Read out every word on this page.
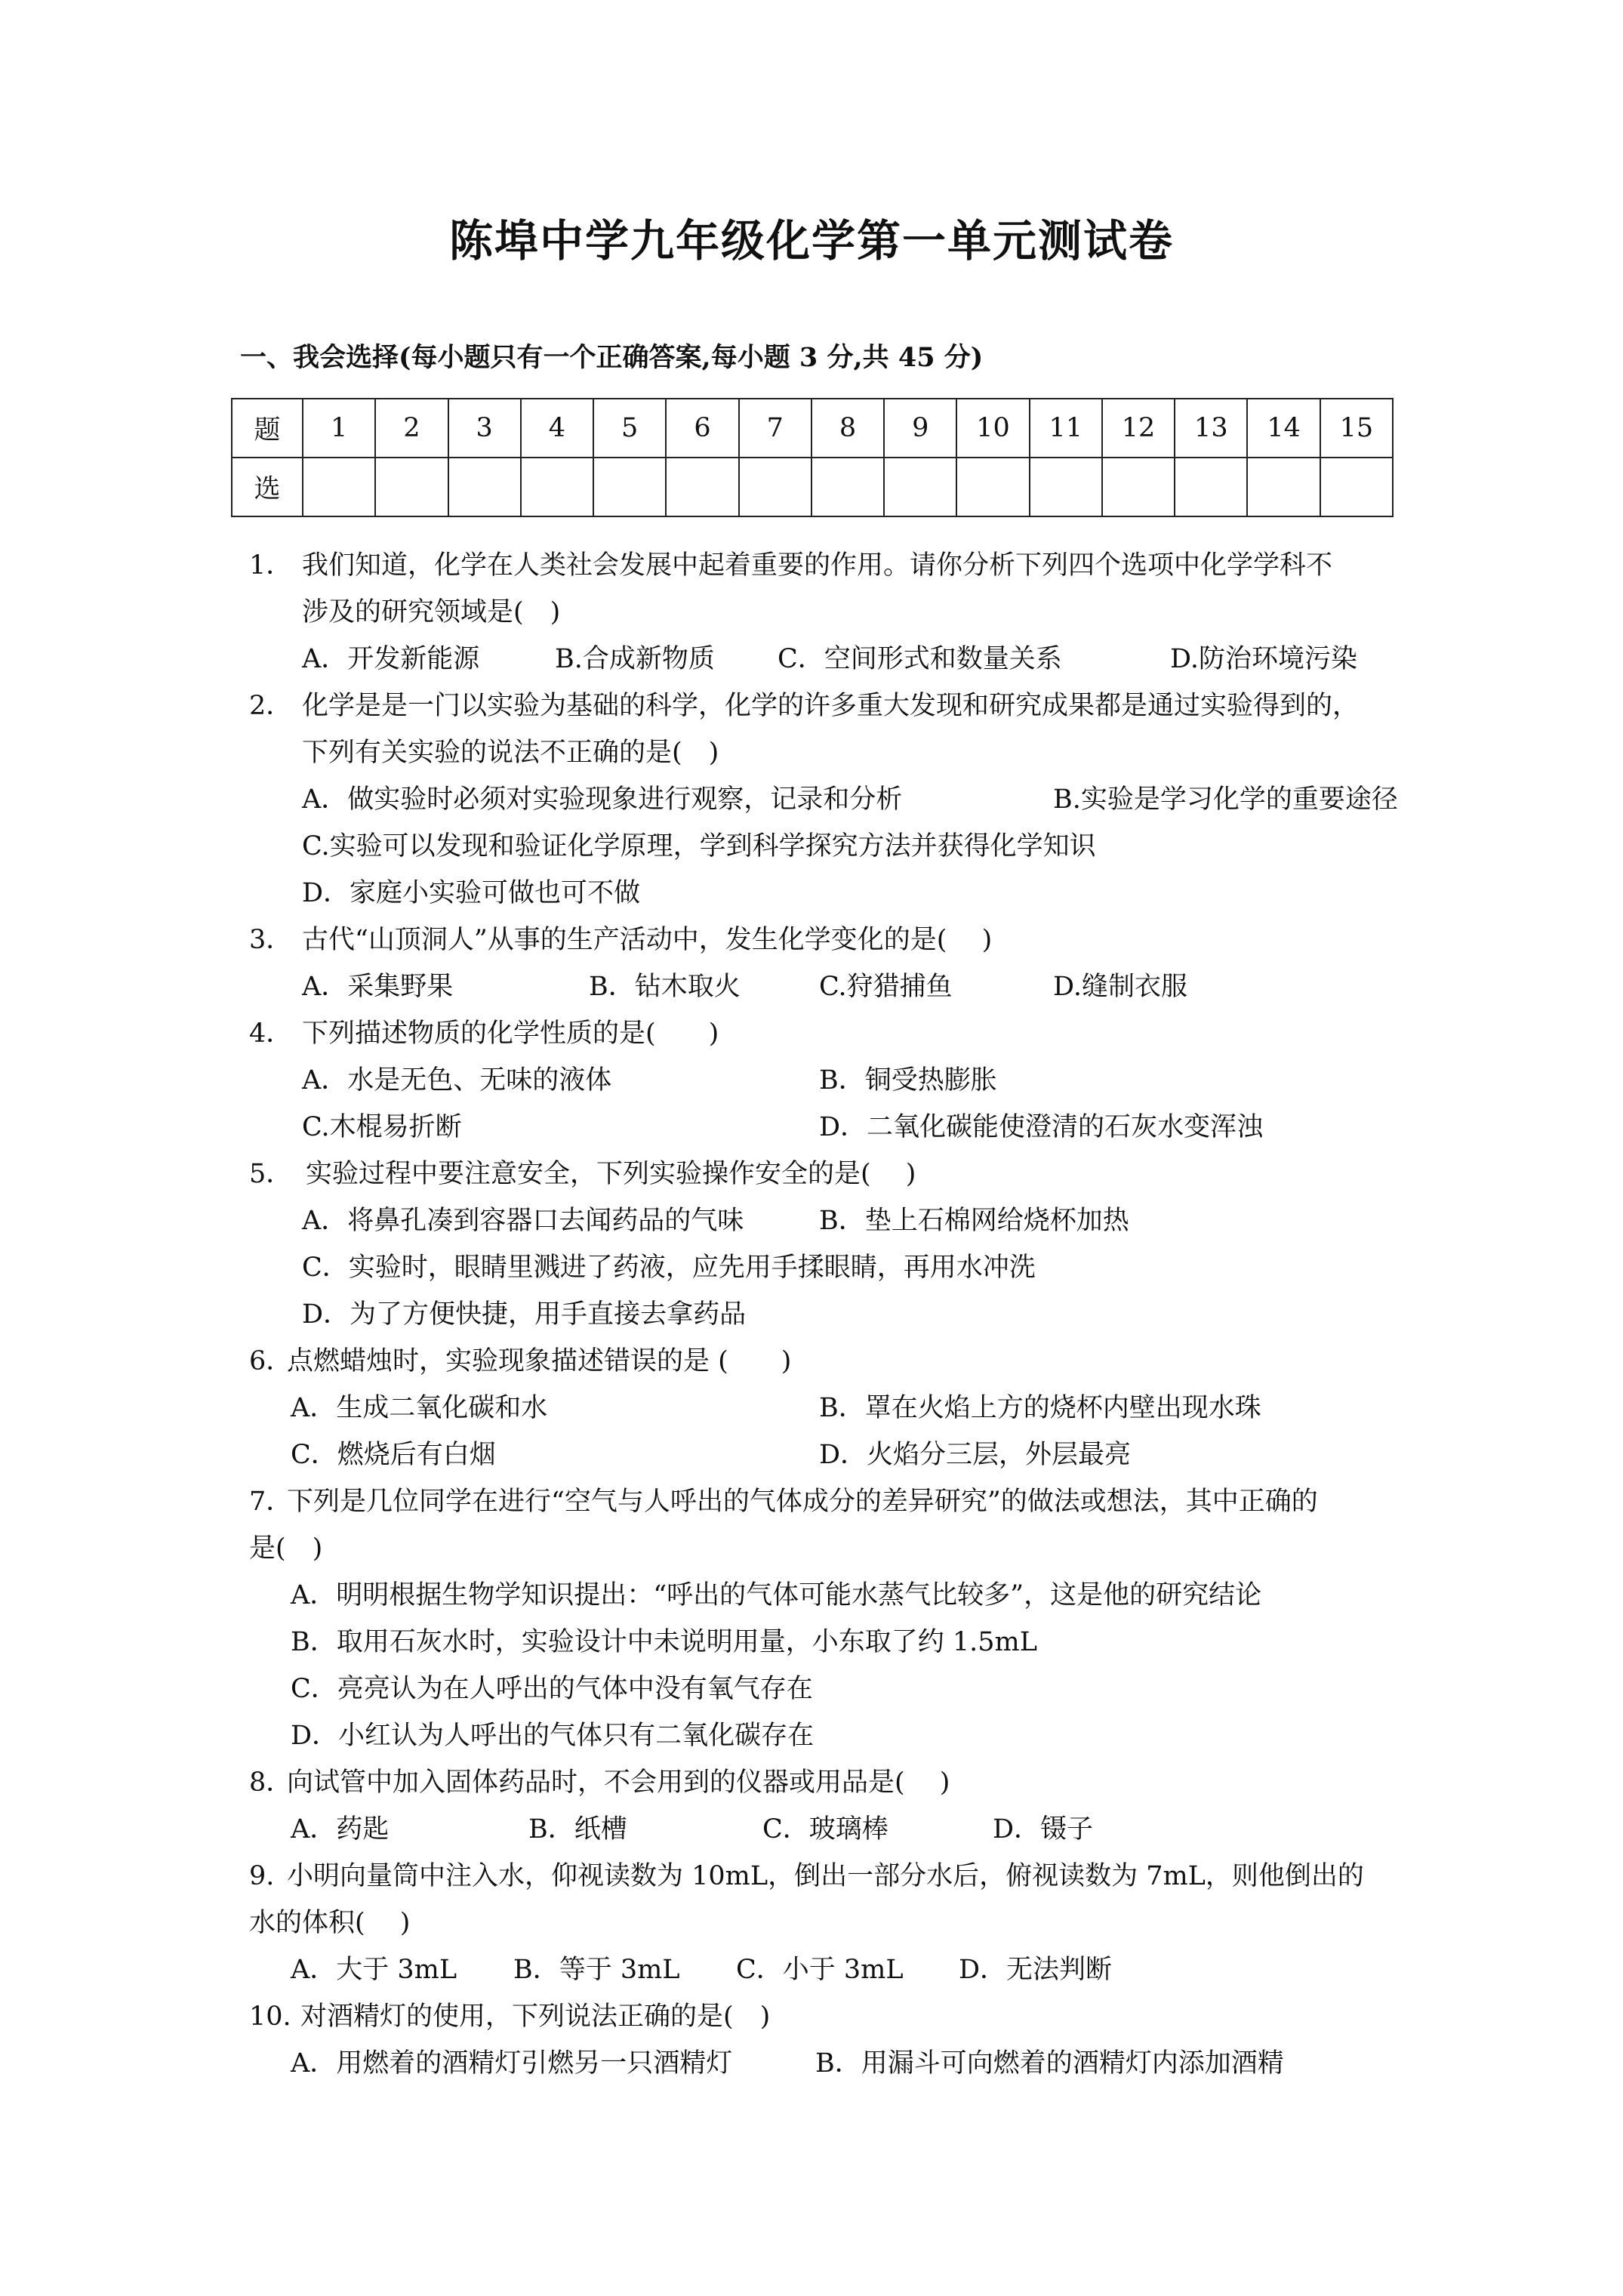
陈埠中学九年级化学第一单元测试卷
一、我会选择(每小题只有一个正确答案,每小题 3 分,共 45 分)
题	1	2	3	4	5	6	7	8	9	10	11	12	13	14	15
选															
1． 我们知道，化学在人类社会发展中起着重要的作用。请你分析下列四个选项中化学学科不
涉及的研究领域是(　)
A．开发新能源	B.合成新物质 C．空间形式和数量关系	D.防治环境污染
2． 化学是是一门以实验为基础的科学，化学的许多重大发现和研究成果都是通过实验得到的，
下列有关实验的说法不正确的是(　)
A．做实验时必须对实验现象进行观察，记录和分析	B.实验是学习化学的重要途径
C.实验可以发现和验证化学原理，学到科学探究方法并获得化学知识
D．家庭小实验可做也可不做
3． 古代“山顶洞人”从事的生产活动中，发生化学变化的是(　 )
A．采集野果	B．钻木取火	C.狩猎捕鱼	D.缝制衣服
4． 下列描述物质的化学性质的是(　　)
A．水是无色、无味的液体	B．铜受热膨胀
C.木棍易折断	D．二氧化碳能使澄清的石灰水变浑浊
5． 实验过程中要注意安全，下列实验操作安全的是(　 )
A．将鼻孔凑到容器口去闻药品的气味	B．垫上石棉网给烧杯加热
C．实验时，眼睛里溅进了药液，应先用手揉眼睛，再用水冲洗
D．为了方便快捷，用手直接去拿药品
6．
点燃蜡烛时，实验现象描述错误的是 (　　)
A．生成二氧化碳和水	B．罩在火焰上方的烧杯内壁出现水珠
C．燃烧后有白烟	D．火焰分三层，外层最亮
7．
下列是几位同学在进行“空气与人呼出的气体成分的差异研究”的做法或想法，其中正确的
是(　)
A．明明根据生物学知识提出：“呼出的气体可能水蒸气比较多”，这是他的研究结论
B．取用石灰水时，实验设计中未说明用量，小东取了约 1.5mL
C．亮亮认为在人呼出的气体中没有氧气存在
D．小红认为人呼出的气体只有二氧化碳存在
8．
向试管中加入固体药品时，不会用到的仪器或用品是(　 )
A．药匙	B．纸槽	C．玻璃棒	D．镊子
9. 小明向量筒中注入水，仰视读数为 10mL，倒出一部分水后，俯视读数为 7mL，则他倒出的
水的体积(　 )
A．大于 3mL B．等于 3mL C．小于 3mL D．无法判断
10. 对酒精灯的使用，下列说法正确的是(　)
A．用燃着的酒精灯引燃另一只酒精灯	B．用漏斗可向燃着的酒精灯内添加酒精
